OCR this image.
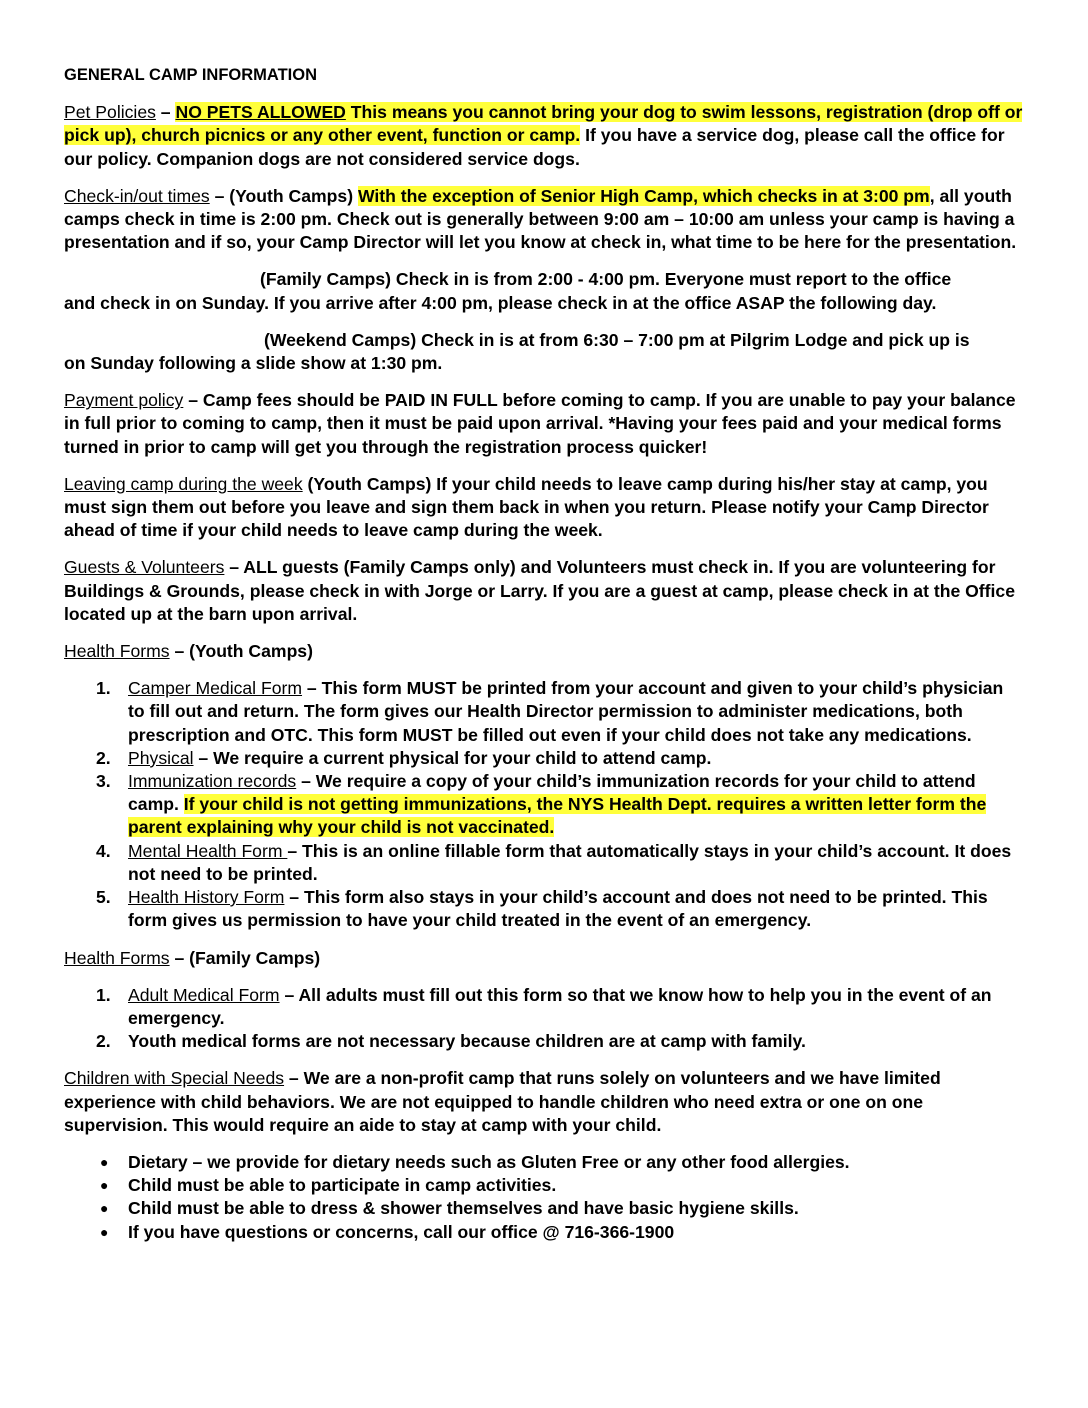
GENERAL CAMP INFORMATION

Pet Policies – NO PETS ALLOWED This means you cannot bring your dog to swim lessons, registration (drop off or pick up), church picnics or any other event, function or camp. If you have a service dog, please call the office for our policy. Companion dogs are not considered service dogs.

Check-in/out times – (Youth Camps) With the exception of Senior High Camp, which checks in at 3:00 pm, all youth camps check in time is 2:00 pm. Check out is generally between 9:00 am – 10:00 am unless your camp is having a presentation and if so, your Camp Director will let you know at check in, what time to be here for the presentation.

(Family Camps) Check in is from 2:00 - 4:00 pm. Everyone must report to the office
and check in on Sunday. If you arrive after 4:00 pm, please check in at the office ASAP the following day.

(Weekend Camps) Check in is at from 6:30 – 7:00 pm at Pilgrim Lodge and pick up is
on Sunday following a slide show at 1:30 pm.

Payment policy – Camp fees should be PAID IN FULL before coming to camp. If you are unable to pay your balance in full prior to coming to camp, then it must be paid upon arrival. *Having your fees paid and your medical forms turned in prior to camp will get you through the registration process quicker!

Leaving camp during the week (Youth Camps) If your child needs to leave camp during his/her stay at camp, you must sign them out before you leave and sign them back in when you return. Please notify your Camp Director ahead of time if your child needs to leave camp during the week.

Guests & Volunteers – ALL guests (Family Camps only) and Volunteers must check in. If you are volunteering for Buildings & Grounds, please check in with Jorge or Larry. If you are a guest at camp, please check in at the Office located up at the barn upon arrival.

Health Forms – (Youth Camps)

1. Camper Medical Form – This form MUST be printed from your account and given to your child’s physician to fill out and return. The form gives our Health Director permission to administer medications, both prescription and OTC. This form MUST be filled out even if your child does not take any medications.
2. Physical – We require a current physical for your child to attend camp.
3. Immunization records – We require a copy of your child’s immunization records for your child to attend camp. If your child is not getting immunizations, the NYS Health Dept. requires a written letter form the parent explaining why your child is not vaccinated.
4. Mental Health Form – This is an online fillable form that automatically stays in your child’s account. It does not need to be printed.
5. Health History Form – This form also stays in your child’s account and does not need to be printed. This form gives us permission to have your child treated in the event of an emergency.

Health Forms – (Family Camps)

1. Adult Medical Form – All adults must fill out this form so that we know how to help you in the event of an emergency.
2. Youth medical forms are not necessary because children are at camp with family.

Children with Special Needs – We are a non-profit camp that runs solely on volunteers and we have limited experience with child behaviors. We are not equipped to handle children who need extra or one on one supervision. This would require an aide to stay at camp with your child.

●	Dietary – we provide for dietary needs such as Gluten Free or any other food allergies.
●	Child must be able to participate in camp activities.
●	Child must be able to dress & shower themselves and have basic hygiene skills.
●	If you have questions or concerns, call our office @ 716-366-1900
